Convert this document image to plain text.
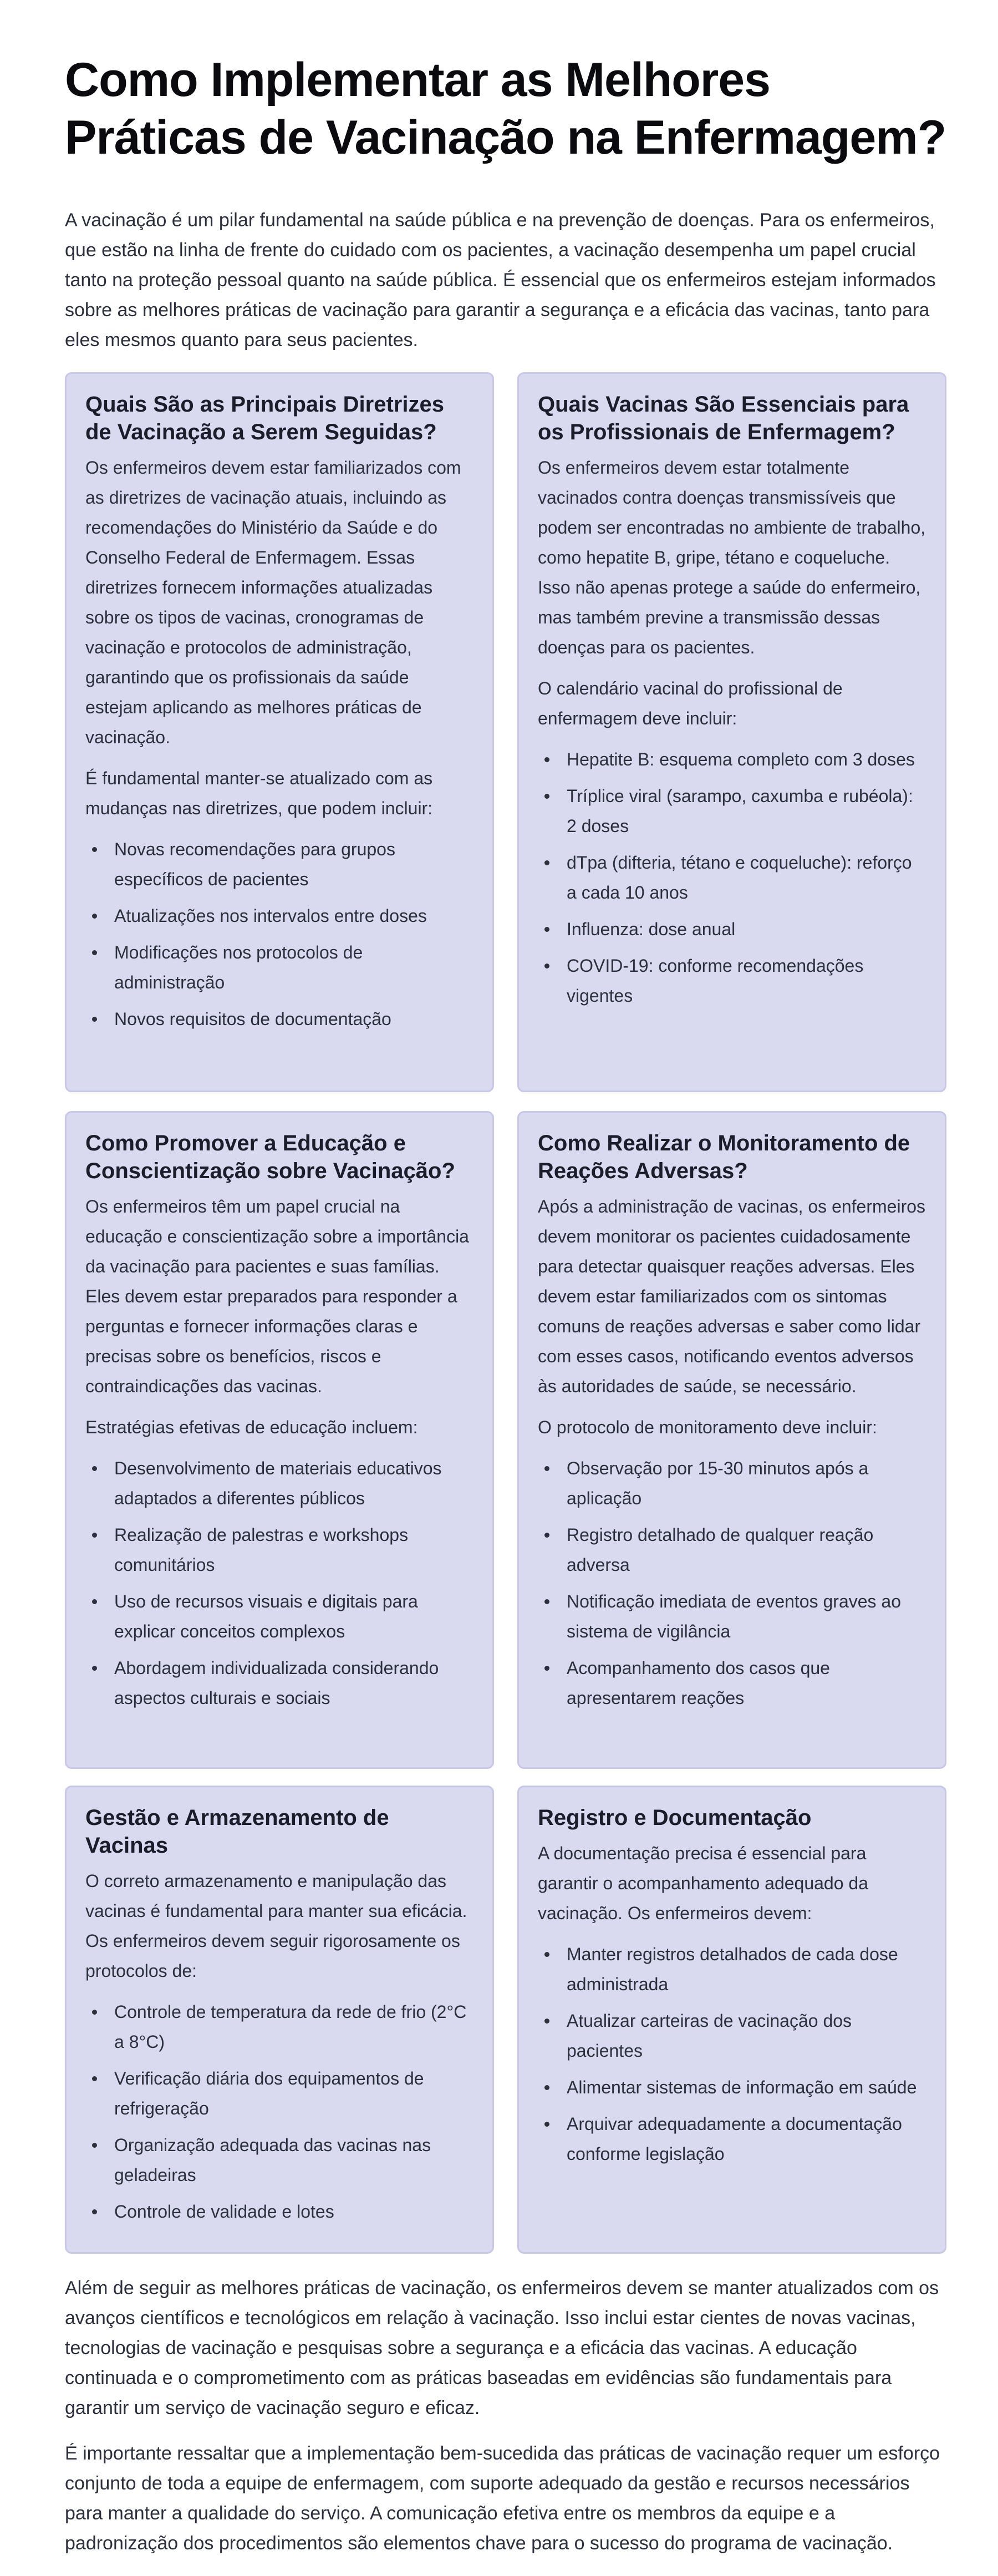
Como Implementar as Melhores Práticas de Vacinação na Enfermagem?

A vacinação é um pilar fundamental na saúde pública e na prevenção de doenças. Para os enfermeiros, que estão na linha de frente do cuidado com os pacientes, a vacinação desempenha um papel crucial tanto na proteção pessoal quanto na saúde pública. É essencial que os enfermeiros estejam informados sobre as melhores práticas de vacinação para garantir a segurança e a eficácia das vacinas, tanto para eles mesmos quanto para seus pacientes.

Quais São as Principais Diretrizes de Vacinação a Serem Seguidas?

Os enfermeiros devem estar familiarizados com as diretrizes de vacinação atuais, incluindo as recomendações do Ministério da Saúde e do Conselho Federal de Enfermagem. Essas diretrizes fornecem informações atualizadas sobre os tipos de vacinas, cronogramas de vacinação e protocolos de administração, garantindo que os profissionais da saúde estejam aplicando as melhores práticas de vacinação.

É fundamental manter-se atualizado com as mudanças nas diretrizes, que podem incluir:

Novas recomendações para grupos específicos de pacientes
Atualizações nos intervalos entre doses
Modificações nos protocolos de administração
Novos requisitos de documentação
Quais Vacinas São Essenciais para os Profissionais de Enfermagem?

Os enfermeiros devem estar totalmente vacinados contra doenças transmissíveis que podem ser encontradas no ambiente de trabalho, como hepatite B, gripe, tétano e coqueluche. Isso não apenas protege a saúde do enfermeiro, mas também previne a transmissão dessas doenças para os pacientes.

O calendário vacinal do profissional de enfermagem deve incluir:

Hepatite B: esquema completo com 3 doses
Tríplice viral (sarampo, caxumba e rubéola): 2 doses
dTpa (difteria, tétano e coqueluche): reforço a cada 10 anos
Influenza: dose anual
COVID-19: conforme recomendações vigentes
Como Promover a Educação e Conscientização sobre Vacinação?

Os enfermeiros têm um papel crucial na educação e conscientização sobre a importância da vacinação para pacientes e suas famílias. Eles devem estar preparados para responder a perguntas e fornecer informações claras e precisas sobre os benefícios, riscos e contraindicações das vacinas.

Estratégias efetivas de educação incluem:

Desenvolvimento de materiais educativos adaptados a diferentes públicos
Realização de palestras e workshops comunitários
Uso de recursos visuais e digitais para explicar conceitos complexos
Abordagem individualizada considerando aspectos culturais e sociais
Como Realizar o Monitoramento de Reações Adversas?

Após a administração de vacinas, os enfermeiros devem monitorar os pacientes cuidadosamente para detectar quaisquer reações adversas. Eles devem estar familiarizados com os sintomas comuns de reações adversas e saber como lidar com esses casos, notificando eventos adversos às autoridades de saúde, se necessário.

O protocolo de monitoramento deve incluir:

Observação por 15-30 minutos após a aplicação
Registro detalhado de qualquer reação adversa
Notificação imediata de eventos graves ao sistema de vigilância
Acompanhamento dos casos que apresentarem reações
Gestão e Armazenamento de Vacinas

O correto armazenamento e manipulação das vacinas é fundamental para manter sua eficácia. Os enfermeiros devem seguir rigorosamente os protocolos de:

Controle de temperatura da rede de frio (2°C a 8°C)
Verificação diária dos equipamentos de refrigeração
Organização adequada das vacinas nas geladeiras
Controle de validade e lotes
Registro e Documentação

A documentação precisa é essencial para garantir o acompanhamento adequado da vacinação. Os enfermeiros devem:

Manter registros detalhados de cada dose administrada
Atualizar carteiras de vacinação dos pacientes
Alimentar sistemas de informação em saúde
Arquivar adequadamente a documentação conforme legislação

Além de seguir as melhores práticas de vacinação, os enfermeiros devem se manter atualizados com os avanços científicos e tecnológicos em relação à vacinação. Isso inclui estar cientes de novas vacinas, tecnologias de vacinação e pesquisas sobre a segurança e a eficácia das vacinas. A educação continuada e o comprometimento com as práticas baseadas em evidências são fundamentais para garantir um serviço de vacinação seguro e eficaz.

É importante ressaltar que a implementação bem-sucedida das práticas de vacinação requer um esforço conjunto de toda a equipe de enfermagem, com suporte adequado da gestão e recursos necessários para manter a qualidade do serviço. A comunicação efetiva entre os membros da equipe e a padronização dos procedimentos são elementos chave para o sucesso do programa de vacinação.
